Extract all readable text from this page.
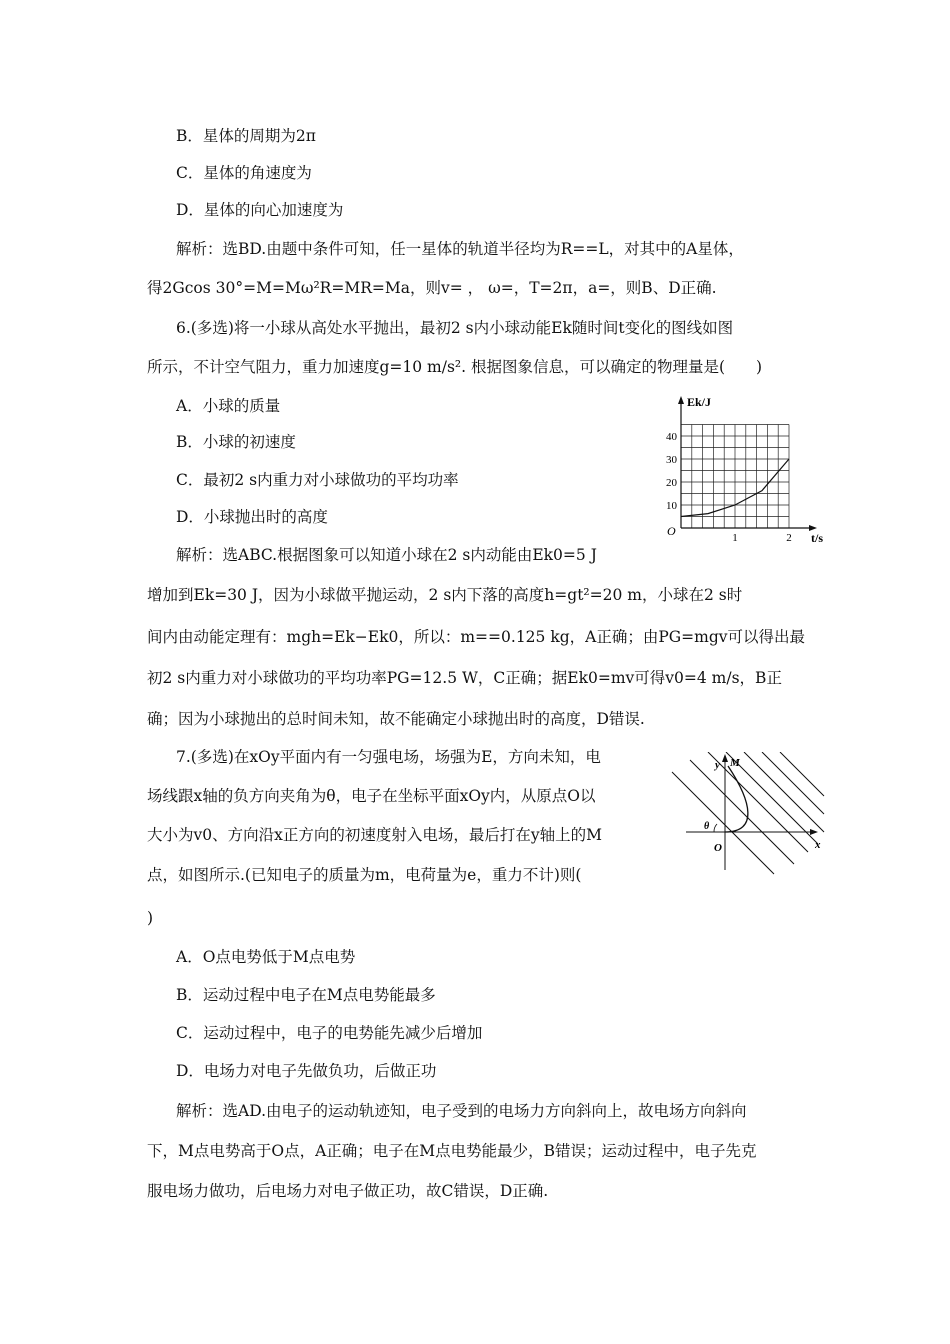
B．星体的周期为2π
C．星体的角速度为
D．星体的向心加速度为
解析：选BD.由题中条件可知，任一星体的轨道半径均为R==L，对其中的A星体，
得2Gcos 30°=M=Mω²R=MR=Ma，则v= ， ω=，T=2π，a=，则B、D正确.
6.(多选)将一小球从高处水平抛出，最初2 s内小球动能Ek随时间t变化的图线如图
所示，不计空气阻力，重力加速度g=10 m/s². 根据图象信息，可以确定的物理量是(　　)
A．小球的质量
B．小球的初速度
C．最初2 s内重力对小球做功的平均功率
D．小球抛出时的高度
解析：选ABC.根据图象可以知道小球在2 s内动能由Ek0=5 J
增加到Ek=30 J，因为小球做平抛运动，2 s内下落的高度h=gt²=20 m，小球在2 s时
间内由动能定理有：mgh=Ek−Ek0，所以：m==0.125 kg，A正确；由PG=mgv可以得出最
初2 s内重力对小球做功的平均功率PG=12.5 W，C正确；据Ek0=mv可得v0=4 m/s，B正
确；因为小球抛出的总时间未知，故不能确定小球抛出时的高度，D错误.
10
20
30
40
1	2
Ek/J
t/s
O
7.(多选)在xOy平面内有一匀强电场，场强为E，方向未知，电
场线跟x轴的负方向夹角为θ，电子在坐标平面xOy内，从原点O以
大小为v0、方向沿x正方向的初速度射入电场，最后打在y轴上的M
点，如图所示.(已知电子的质量为m，电荷量为e，重力不计)则(
)
A．O点电势低于M点电势
B．运动过程中电子在M点电势能最多
C．运动过程中，电子的电势能先减少后增加
D．电场力对电子先做负功，后做正功
解析：选AD.由电子的运动轨迹知，电子受到的电场力方向斜向上，故电场方向斜向
下，M点电势高于O点，A正确；电子在M点电势能最少，B错误；运动过程中，电子先克
服电场力做功，后电场力对电子做正功，故C错误，D正确.
y M
x
O
θ
